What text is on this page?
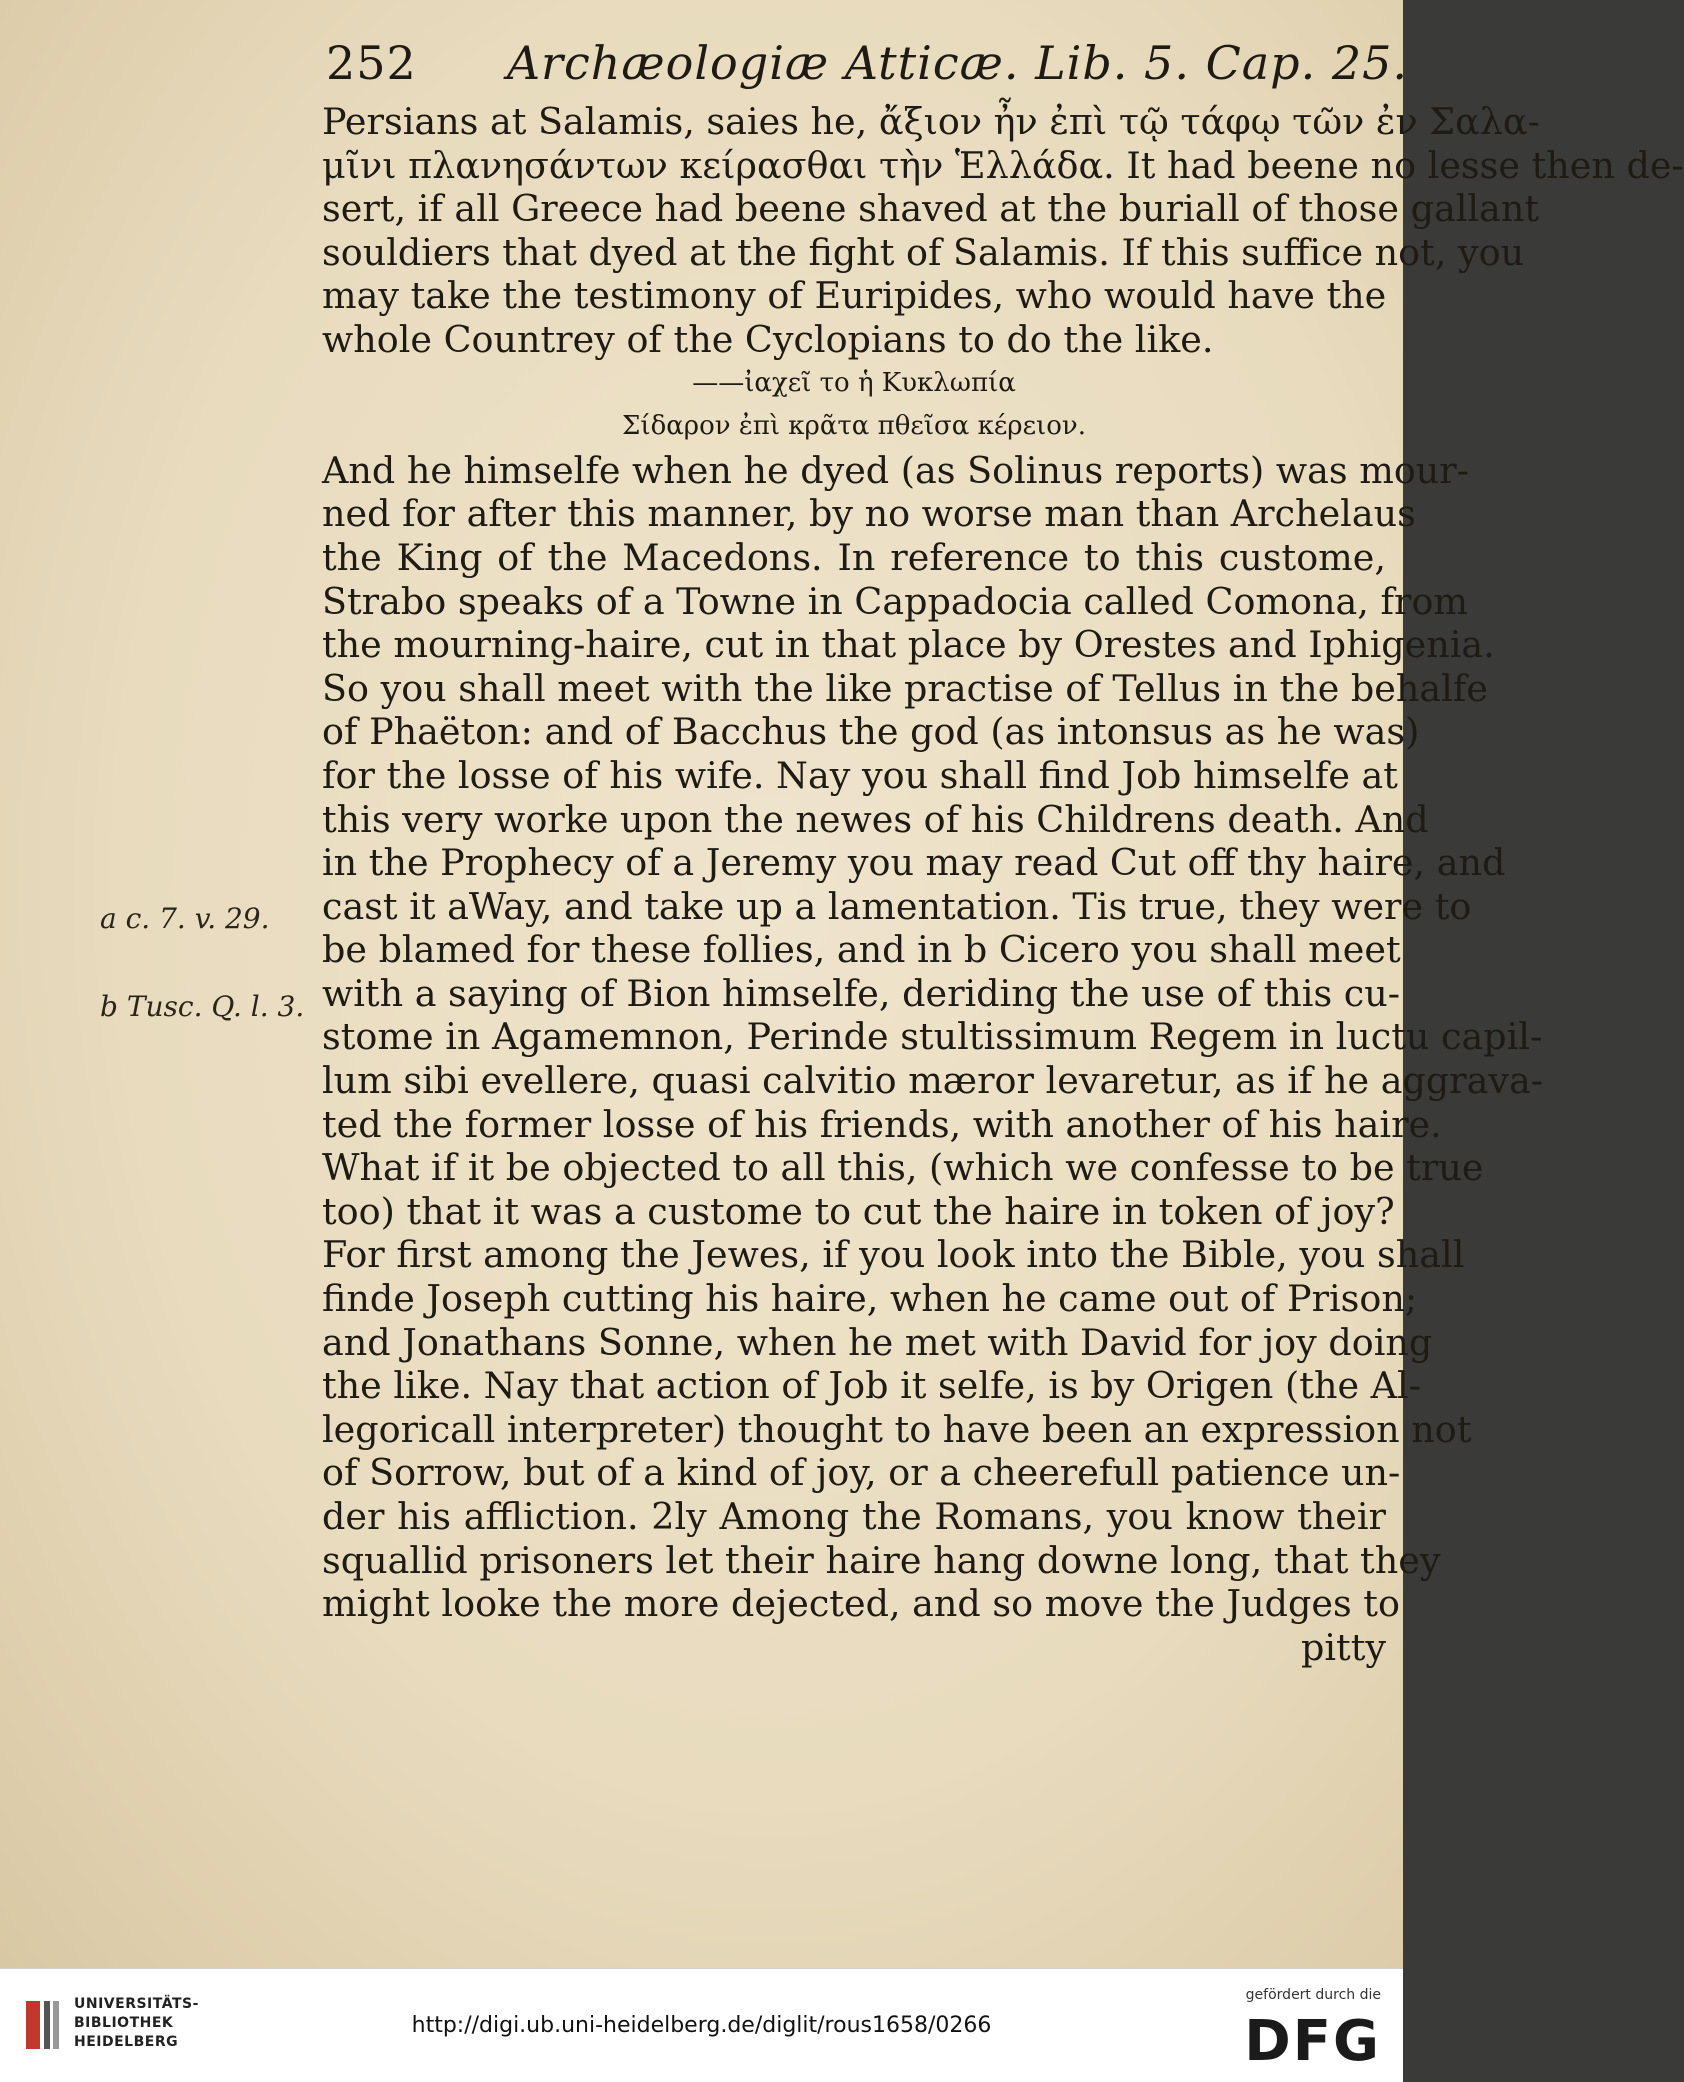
252 Archæologiæ Atticæ. Lib. 5. Cap. 25.
Persians at Salamis, saies he, ἄξιον ἦν ἐπὶ τῷ τάφῳ τῶν ἐν Σαλα-
μῖνι πλανησάντων κείρασθαι τὴν Ἑλλάδα. It had beene no lesse then de-
sert, if all Greece had beene shaved at the buriall of those gallant
souldiers that dyed at the fight of Salamis. If this suffice not, you
may take the testimony of Euripides, who would have the
whole Countrey of the Cyclopians to do the like.
——ἰαχεῖ το ἡ Κυκλωπία
Σίδαρον ἐπὶ κρᾶτα πθεῖσα κέρειον.
And he himselfe when he dyed (as Solinus reports) was mour-
ned for after this manner, by no worse man than Archelaus
the King of the Macedons. In reference to this custome,
Strabo speaks of a Towne in Cappadocia called Comona, from
the mourning-haire, cut in that place by Orestes and Iphigenia.
So you shall meet with the like practise of Tellus in the behalfe
of Phaëton: and of Bacchus the god (as intonsus as he was)
for the losse of his wife. Nay you shall find Job himselfe at
this very worke upon the newes of his Childrens death. And
in the Prophecy of a Jeremy you may read Cut off thy haire, and
cast it aWay, and take up a lamentation. Tis true, they were to
be blamed for these follies, and in b Cicero you shall meet
with a saying of Bion himselfe, deriding the use of this cu-
stome in Agamemnon, Perinde stultissimum Regem in luctu capil-
lum sibi evellere, quasi calvitio mæror levaretur, as if he aggrava-
ted the former losse of his friends, with another of his haire.
What if it be objected to all this, (which we confesse to be true
too) that it was a custome to cut the haire in token of joy?
For first among the Jewes, if you look into the Bible, you shall
finde Joseph cutting his haire, when he came out of Prison;
and Jonathans Sonne, when he met with David for joy doing
the like. Nay that action of Job it selfe, is by Origen (the Al-
legoricall interpreter) thought to have been an expression not
of Sorrow, but of a kind of joy, or a cheerefull patience un-
der his affliction. 2ly Among the Romans, you know their
squallid prisoners let their haire hang downe long, that they
might looke the more dejected, and so move the Judges to
pitty
a c. 7. v. 29.
b Tusc. Q. l. 3.
UNIVERSITÄTS-
BIBLIOTHEK
HEIDELBERG
http://digi.ub.uni-heidelberg.de/diglit/rous1658/0266
gefördert durch die
DFG
